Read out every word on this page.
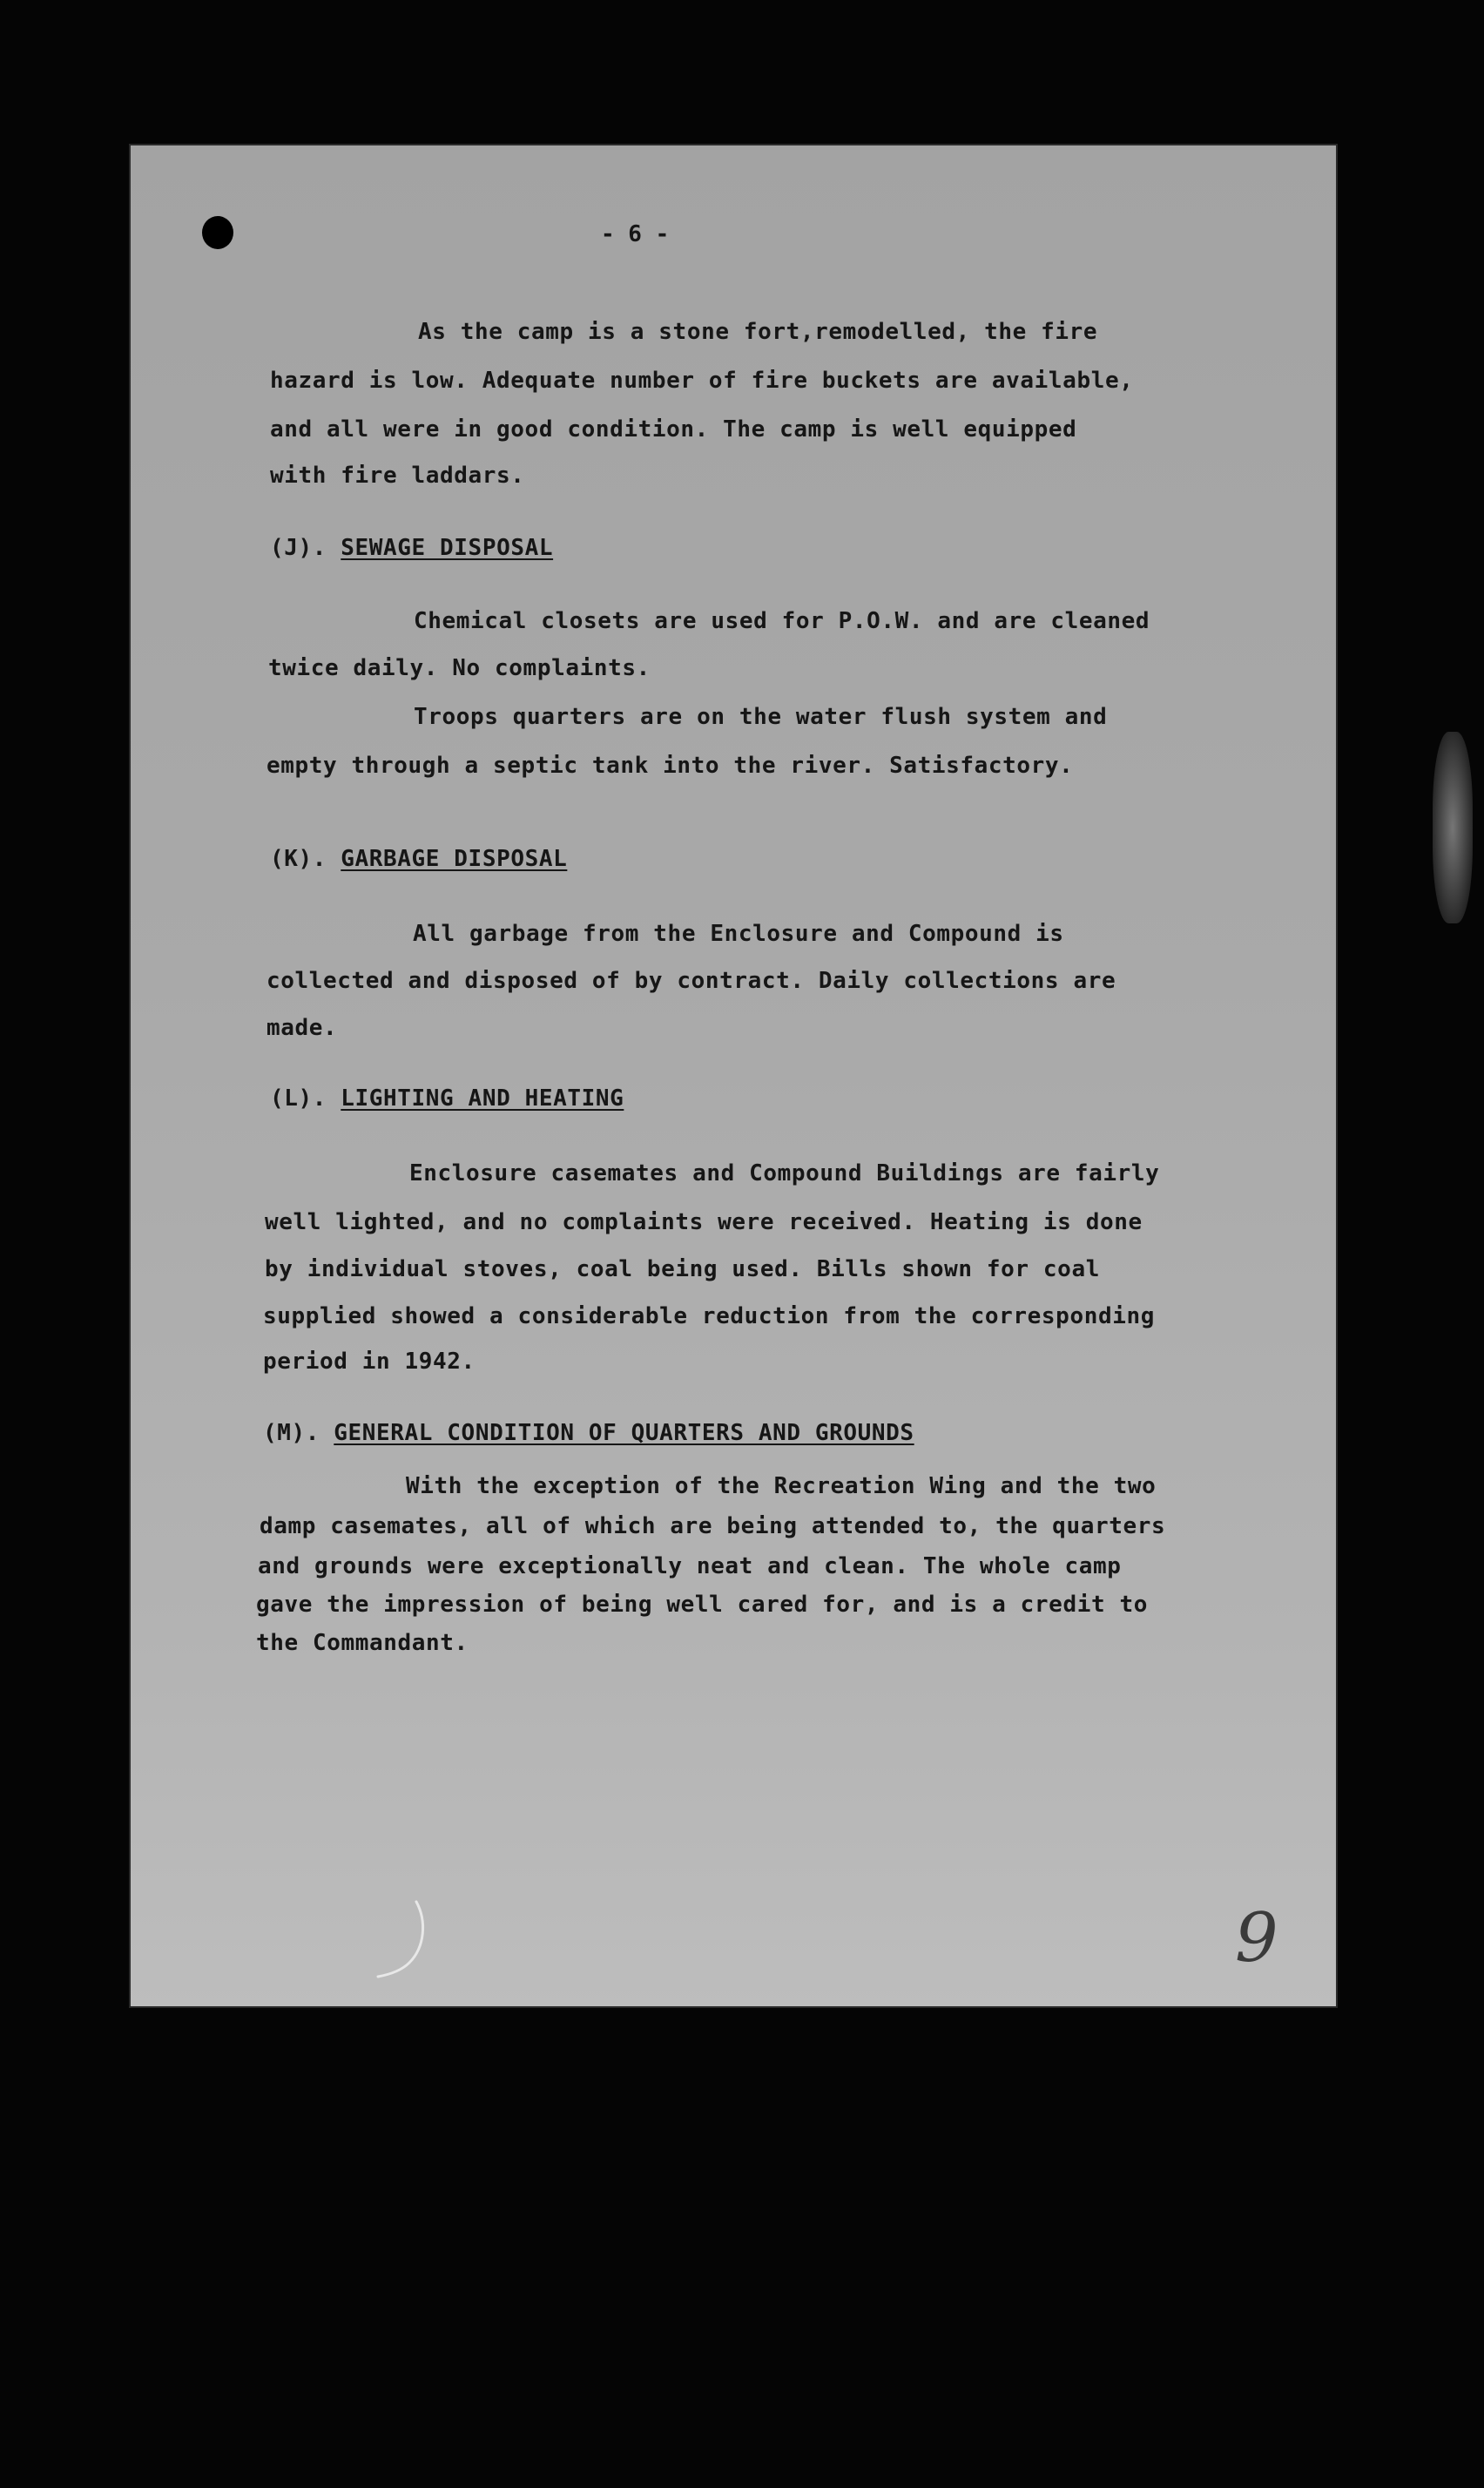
- 6 -

As the camp is a stone fort,remodelled, the fire

hazard is low. Adequate number of fire buckets are available,

and all were in good condition. The camp is well equipped

with fire laddars.

(J). SEWAGE DISPOSAL

Chemical closets are used for P.O.W. and are cleaned

twice daily. No complaints.

Troops quarters are on the water flush system and

empty through a septic tank into the river. Satisfactory.

(K). GARBAGE DISPOSAL

All garbage from the Enclosure and Compound is

collected and disposed of by contract. Daily collections are

made.

(L). LIGHTING AND HEATING

Enclosure casemates and Compound Buildings are fairly

well lighted, and no complaints were received. Heating is done

by individual stoves, coal being used. Bills shown for coal

supplied showed a considerable reduction from the corresponding

period in 1942.

(M). GENERAL CONDITION OF QUARTERS AND GROUNDS

With the exception of the Recreation Wing and the two

damp casemates, all of which are being attended to, the quarters

and grounds were exceptionally neat and clean. The whole camp

gave the impression of being well cared for, and is a credit to

the Commandant.

9
